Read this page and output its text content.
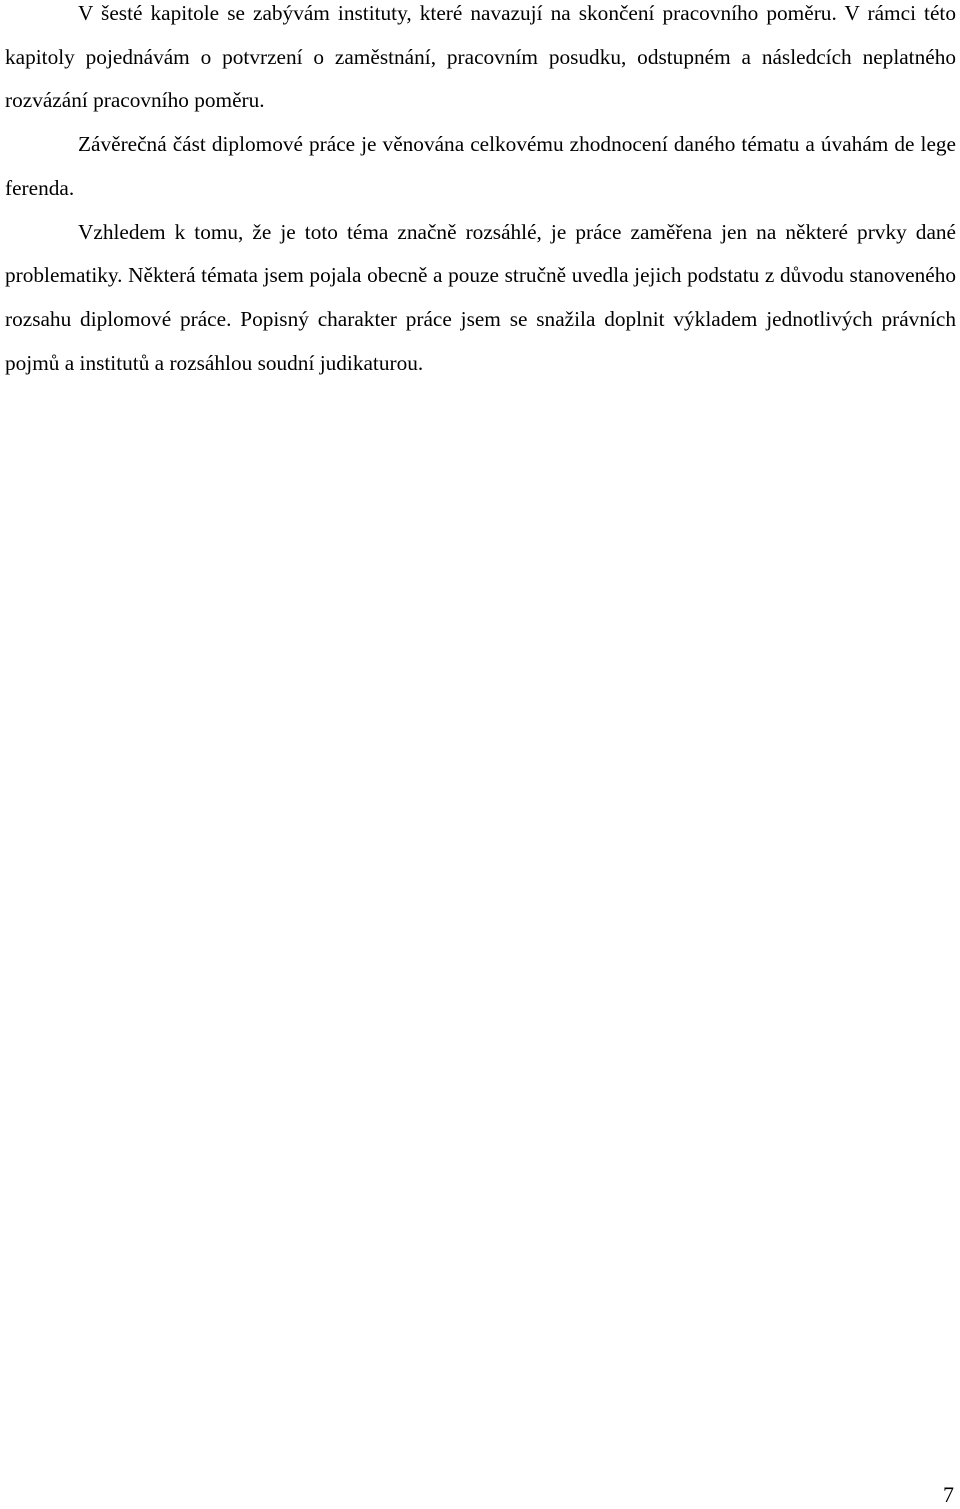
V šesté kapitole se zabývám instituty, které navazují na skončení pracovního poměru. V rámci této kapitoly pojednávám o potvrzení o zaměstnání, pracovním posudku, odstupném a následcích neplatného rozvázání pracovního poměru.

Závěrečná část diplomové práce je věnována celkovému zhodnocení daného tématu a úvahám de lege ferenda.

Vzhledem k tomu, že je toto téma značně rozsáhlé, je práce zaměřena jen na některé prvky dané problematiky. Některá témata jsem pojala obecně a pouze stručně uvedla jejich podstatu z důvodu stanoveného rozsahu diplomové práce. Popisný charakter práce jsem se snažila doplnit výkladem jednotlivých právních pojmů a institutů a rozsáhlou soudní judikaturou.

7
